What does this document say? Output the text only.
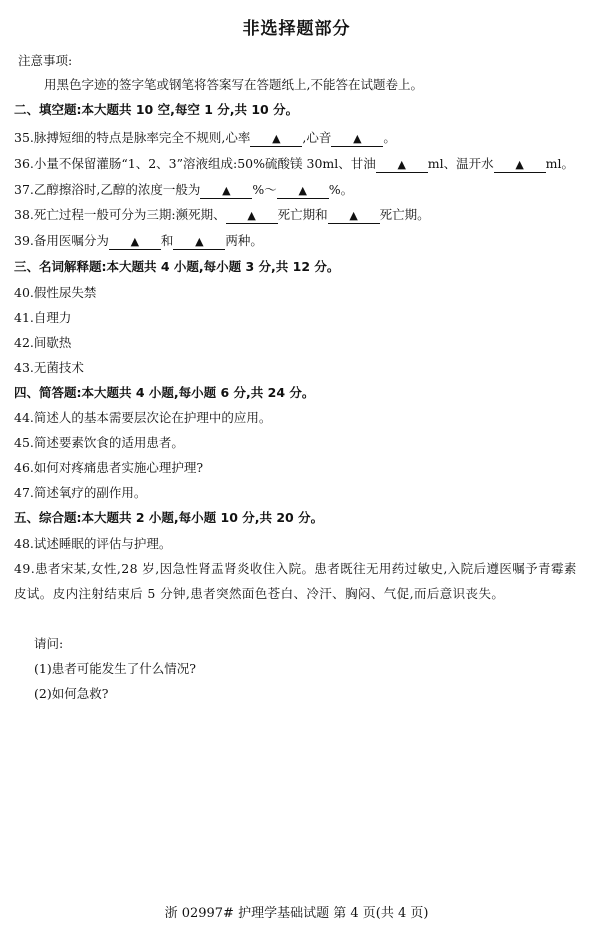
非选择题部分
注意事项:
用黑色字迹的签字笔或钢笔将答案写在答题纸上,不能答在试题卷上。
二、填空题:本大题共 10 空,每空 1 分,共 10 分。
35.脉搏短细的特点是脉率完全不规则,心率 ▲ ,心音 ▲ 。
36.小量不保留灌肠“1、2、3”溶液组成:50%硫酸镁 30ml、甘油 ▲ ml、温开水 ▲ ml。
37.乙醇擦浴时,乙醇的浓度一般为 ▲ %～ ▲ %。
38.死亡过程一般可分为三期:濒死期、 ▲ 死亡期和 ▲ 死亡期。
39.备用医嘱分为 ▲ 和 ▲ 两种。
三、名词解释题:本大题共 4 小题,每小题 3 分,共 12 分。
40.假性尿失禁
41.自理力
42.间歇热
43.无菌技术
四、简答题:本大题共 4 小题,每小题 6 分,共 24 分。
44.简述人的基本需要层次论在护理中的应用。
45.简述要素饮食的适用患者。
46.如何对疼痛患者实施心理护理?
47.简述氧疗的副作用。
五、综合题:本大题共 2 小题,每小题 10 分,共 20 分。
48.试述睡眠的评估与护理。
49.患者宋某,女性,28 岁,因急性肾盂肾炎收住入院。患者既往无用药过敏史,入院后遵医嘱予青霉素皮试。皮内注射结束后 5 分钟,患者突然面色苍白、冷汗、胸闷、气促,而后意识丧失。
请问:
(1)患者可能发生了什么情况?
(2)如何急救?
浙 02997# 护理学基础试题 第 4 页(共 4 页)
